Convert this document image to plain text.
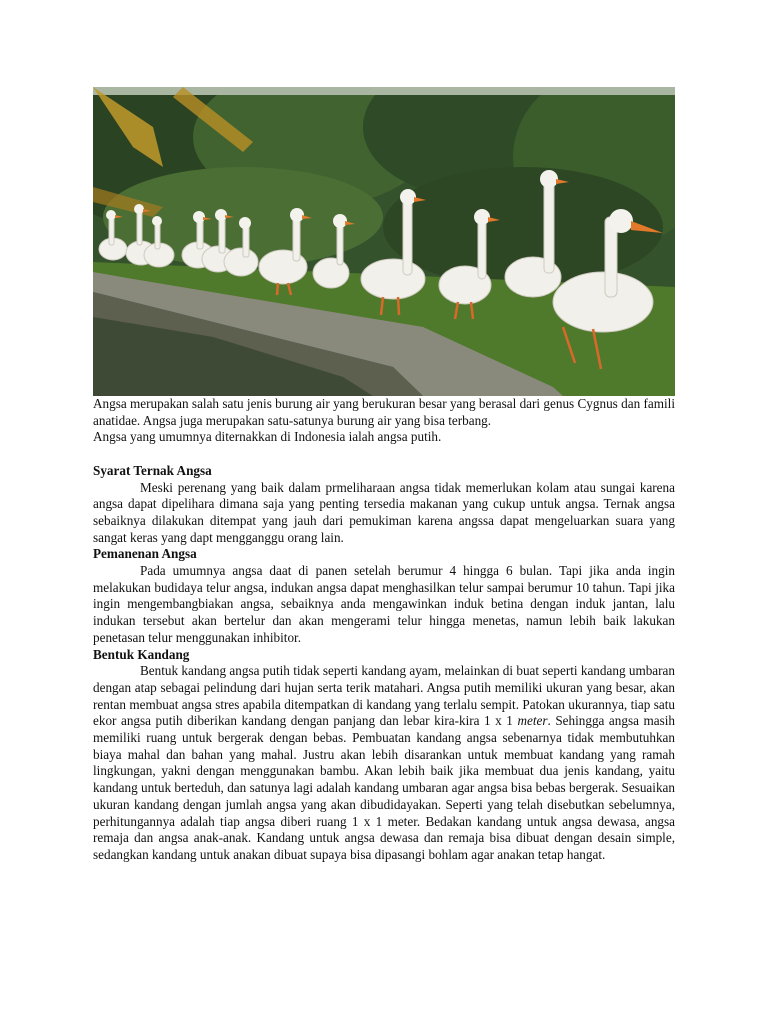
Angsa merupakan salah satu jenis burung air yang berukuran besar yang berasal dari genus Cygnus dan famili anatidae. Angsa juga merupakan satu-satunya burung air yang bisa terbang.

Angsa yang umumnya diternakkan di Indonesia ialah angsa putih.

Syarat Ternak Angsa

Meski perenang yang baik dalam prmeliharaan angsa tidak memerlukan kolam atau sungai karena angsa dapat dipelihara dimana saja yang penting tersedia makanan yang cukup untuk angsa. Ternak angsa sebaiknya dilakukan ditempat yang jauh dari pemukiman karena angssa dapat mengeluarkan suara yang sangat keras yang dapt mengganggu orang lain.

Pemanenan Angsa

Pada umumnya angsa daat di panen setelah berumur 4 hingga 6 bulan. Tapi jika anda ingin melakukan budidaya telur angsa, indukan angsa dapat menghasilkan telur sampai berumur 10 tahun. Tapi jika ingin mengembangbiakan angsa, sebaiknya anda mengawinkan induk betina dengan induk jantan, lalu indukan tersebut akan bertelur dan akan mengerami telur hingga menetas, namun lebih baik lakukan penetasan telur menggunakan inhibitor.

Bentuk Kandang

Bentuk kandang angsa putih tidak seperti kandang ayam, melainkan di buat seperti kandang umbaran dengan atap sebagai pelindung dari hujan serta terik matahari. Angsa putih memiliki ukuran yang besar, akan rentan membuat angsa stres apabila ditempatkan di kandang yang terlalu sempit. Patokan ukurannya, tiap satu ekor angsa putih diberikan kandang dengan panjang dan lebar kira-kira 1 x 1 meter. Sehingga angsa masih memiliki ruang untuk bergerak dengan bebas. Pembuatan kandang angsa sebenarnya tidak membutuhkan biaya mahal dan bahan yang mahal. Justru akan lebih disarankan untuk membuat kandang yang ramah lingkungan, yakni dengan menggunakan bambu. Akan lebih baik jika membuat dua jenis kandang, yaitu kandang untuk berteduh, dan satunya lagi adalah kandang umbaran agar angsa bisa bebas bergerak. Sesuaikan ukuran kandang dengan jumlah angsa yang akan dibudidayakan. Seperti yang telah disebutkan sebelumnya, perhitungannya adalah tiap angsa diberi ruang 1 x 1 meter. Bedakan kandang untuk angsa dewasa, angsa remaja dan angsa anak-anak. Kandang untuk angsa dewasa dan remaja bisa dibuat dengan desain simple, sedangkan kandang untuk anakan dibuat supaya bisa dipasangi bohlam agar anakan tetap hangat.
